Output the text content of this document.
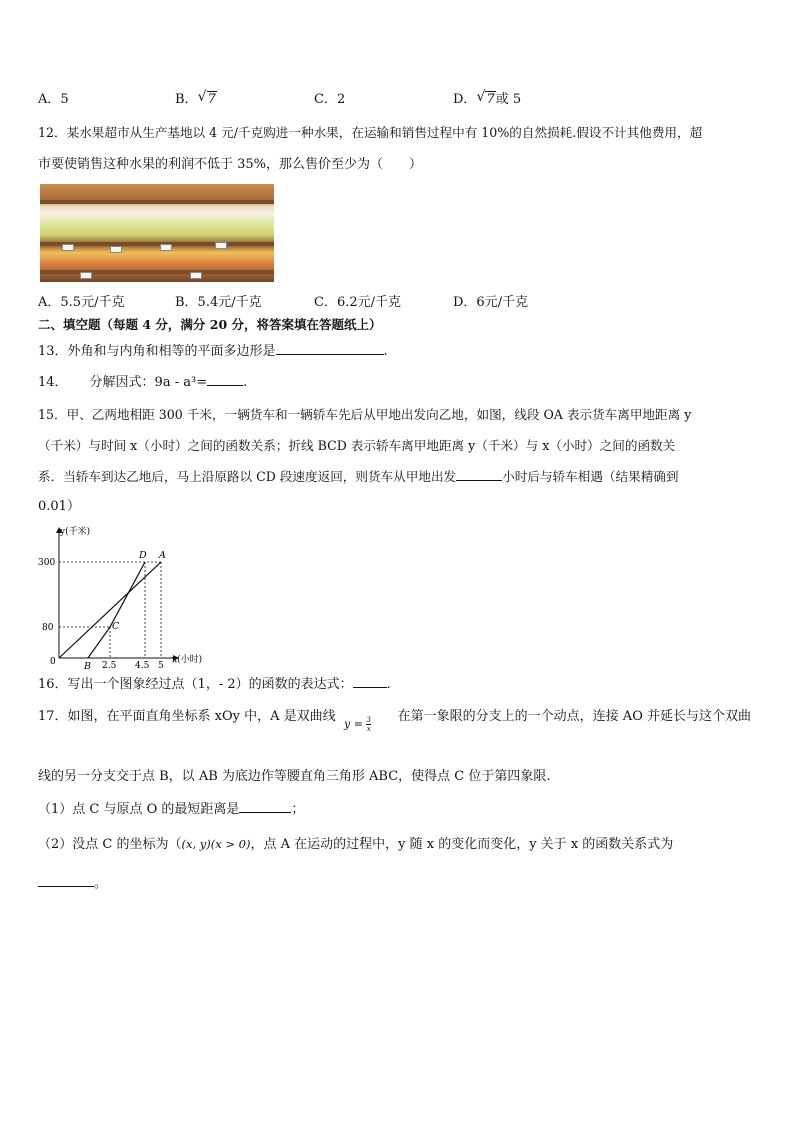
A．5	B． √ 7	C．2	D． √ 7或 5
12．某水果超市从生产基地以 4 元/千克购进一种水果，在运输和销售过程中有 10%的自然损耗.假设不计其他费用，超
市要使销售这种水果的利润不低于 35%，那么售价至少为（　　）
A．5.5元/千克	B．5.4元/千克	C．6.2元/千克	D．6元/千克
二、填空题（每题 4 分，满分 20 分，将答案填在答题纸上）
13．外角和与内角和相等的平面多边形是	.
14． 分解因式：9a - a³=	.
15．甲、乙两地相距 300 千米，一辆货车和一辆轿车先后从甲地出发向乙地，如图，线段 OA 表示货车离甲地距离 y
（千米）与时间 x（小时）之间的函数关系；折线 BCD 表示轿车离甲地距离 y（千米）与 x（小时）之间的函数关
系．当轿车到达乙地后，马上沿原路以 CD 段速度返回，则货车从甲地出发	小时后与轿车相遇（结果精确到
0.01）
y(千米)
x(小时)
300
80
0	2.5 4.5 5
D A
B
C
16．写出一个图象经过点（1，- 2）的函数的表达式：	.
17．如图，在平面直角坐标系 xOy 中，A 是双曲线	在第一象限的分支上的一个动点，连接 AO 并延长与这个双曲
$y = \frac{3}{x}$
线的另一分支交于点 B，以 AB 为底边作等腰直角三角形 ABC，使得点 C 位于第四象限.
（1）点 C 与原点 O 的最短距离是	；
（2）没点 C 的坐标为（(x, y)(x > 0)，点 A 在运动的过程中，y 随 x 的变化而变化，y 关于 x 的函数关系式为
。
